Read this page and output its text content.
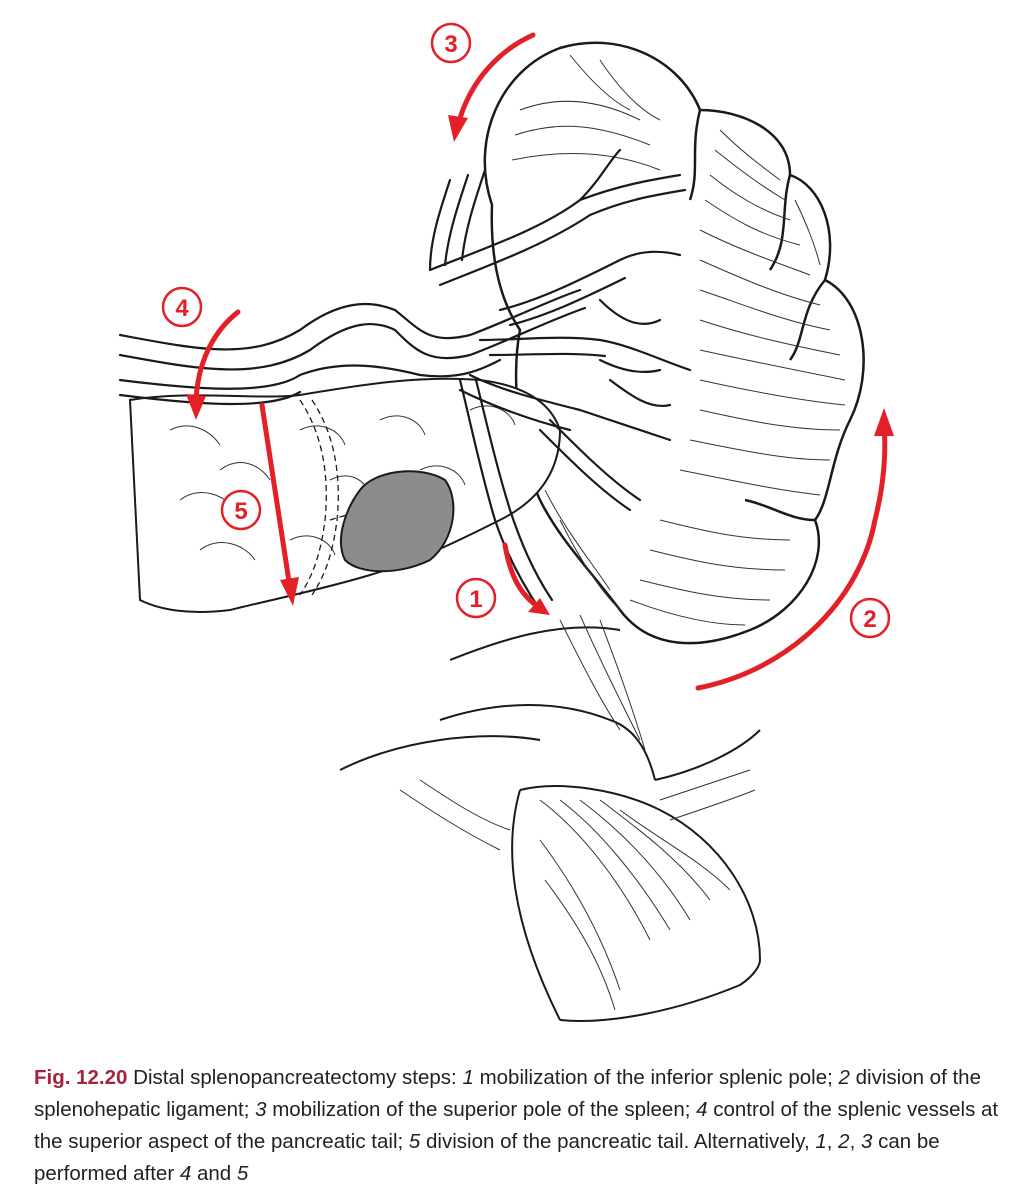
1
2
3
4
5
Fig. 12.20 Distal splenopancreatectomy steps: 1 mobilization of the inferior splenic pole; 2 division of the splenohepatic ligament; 3 mobilization of the superior pole of the spleen; 4 control of the splenic vessels at the superior aspect of the pancreatic tail; 5 division of the pancreatic tail. Alternatively, 1, 2, 3 can be performed after 4 and 5
